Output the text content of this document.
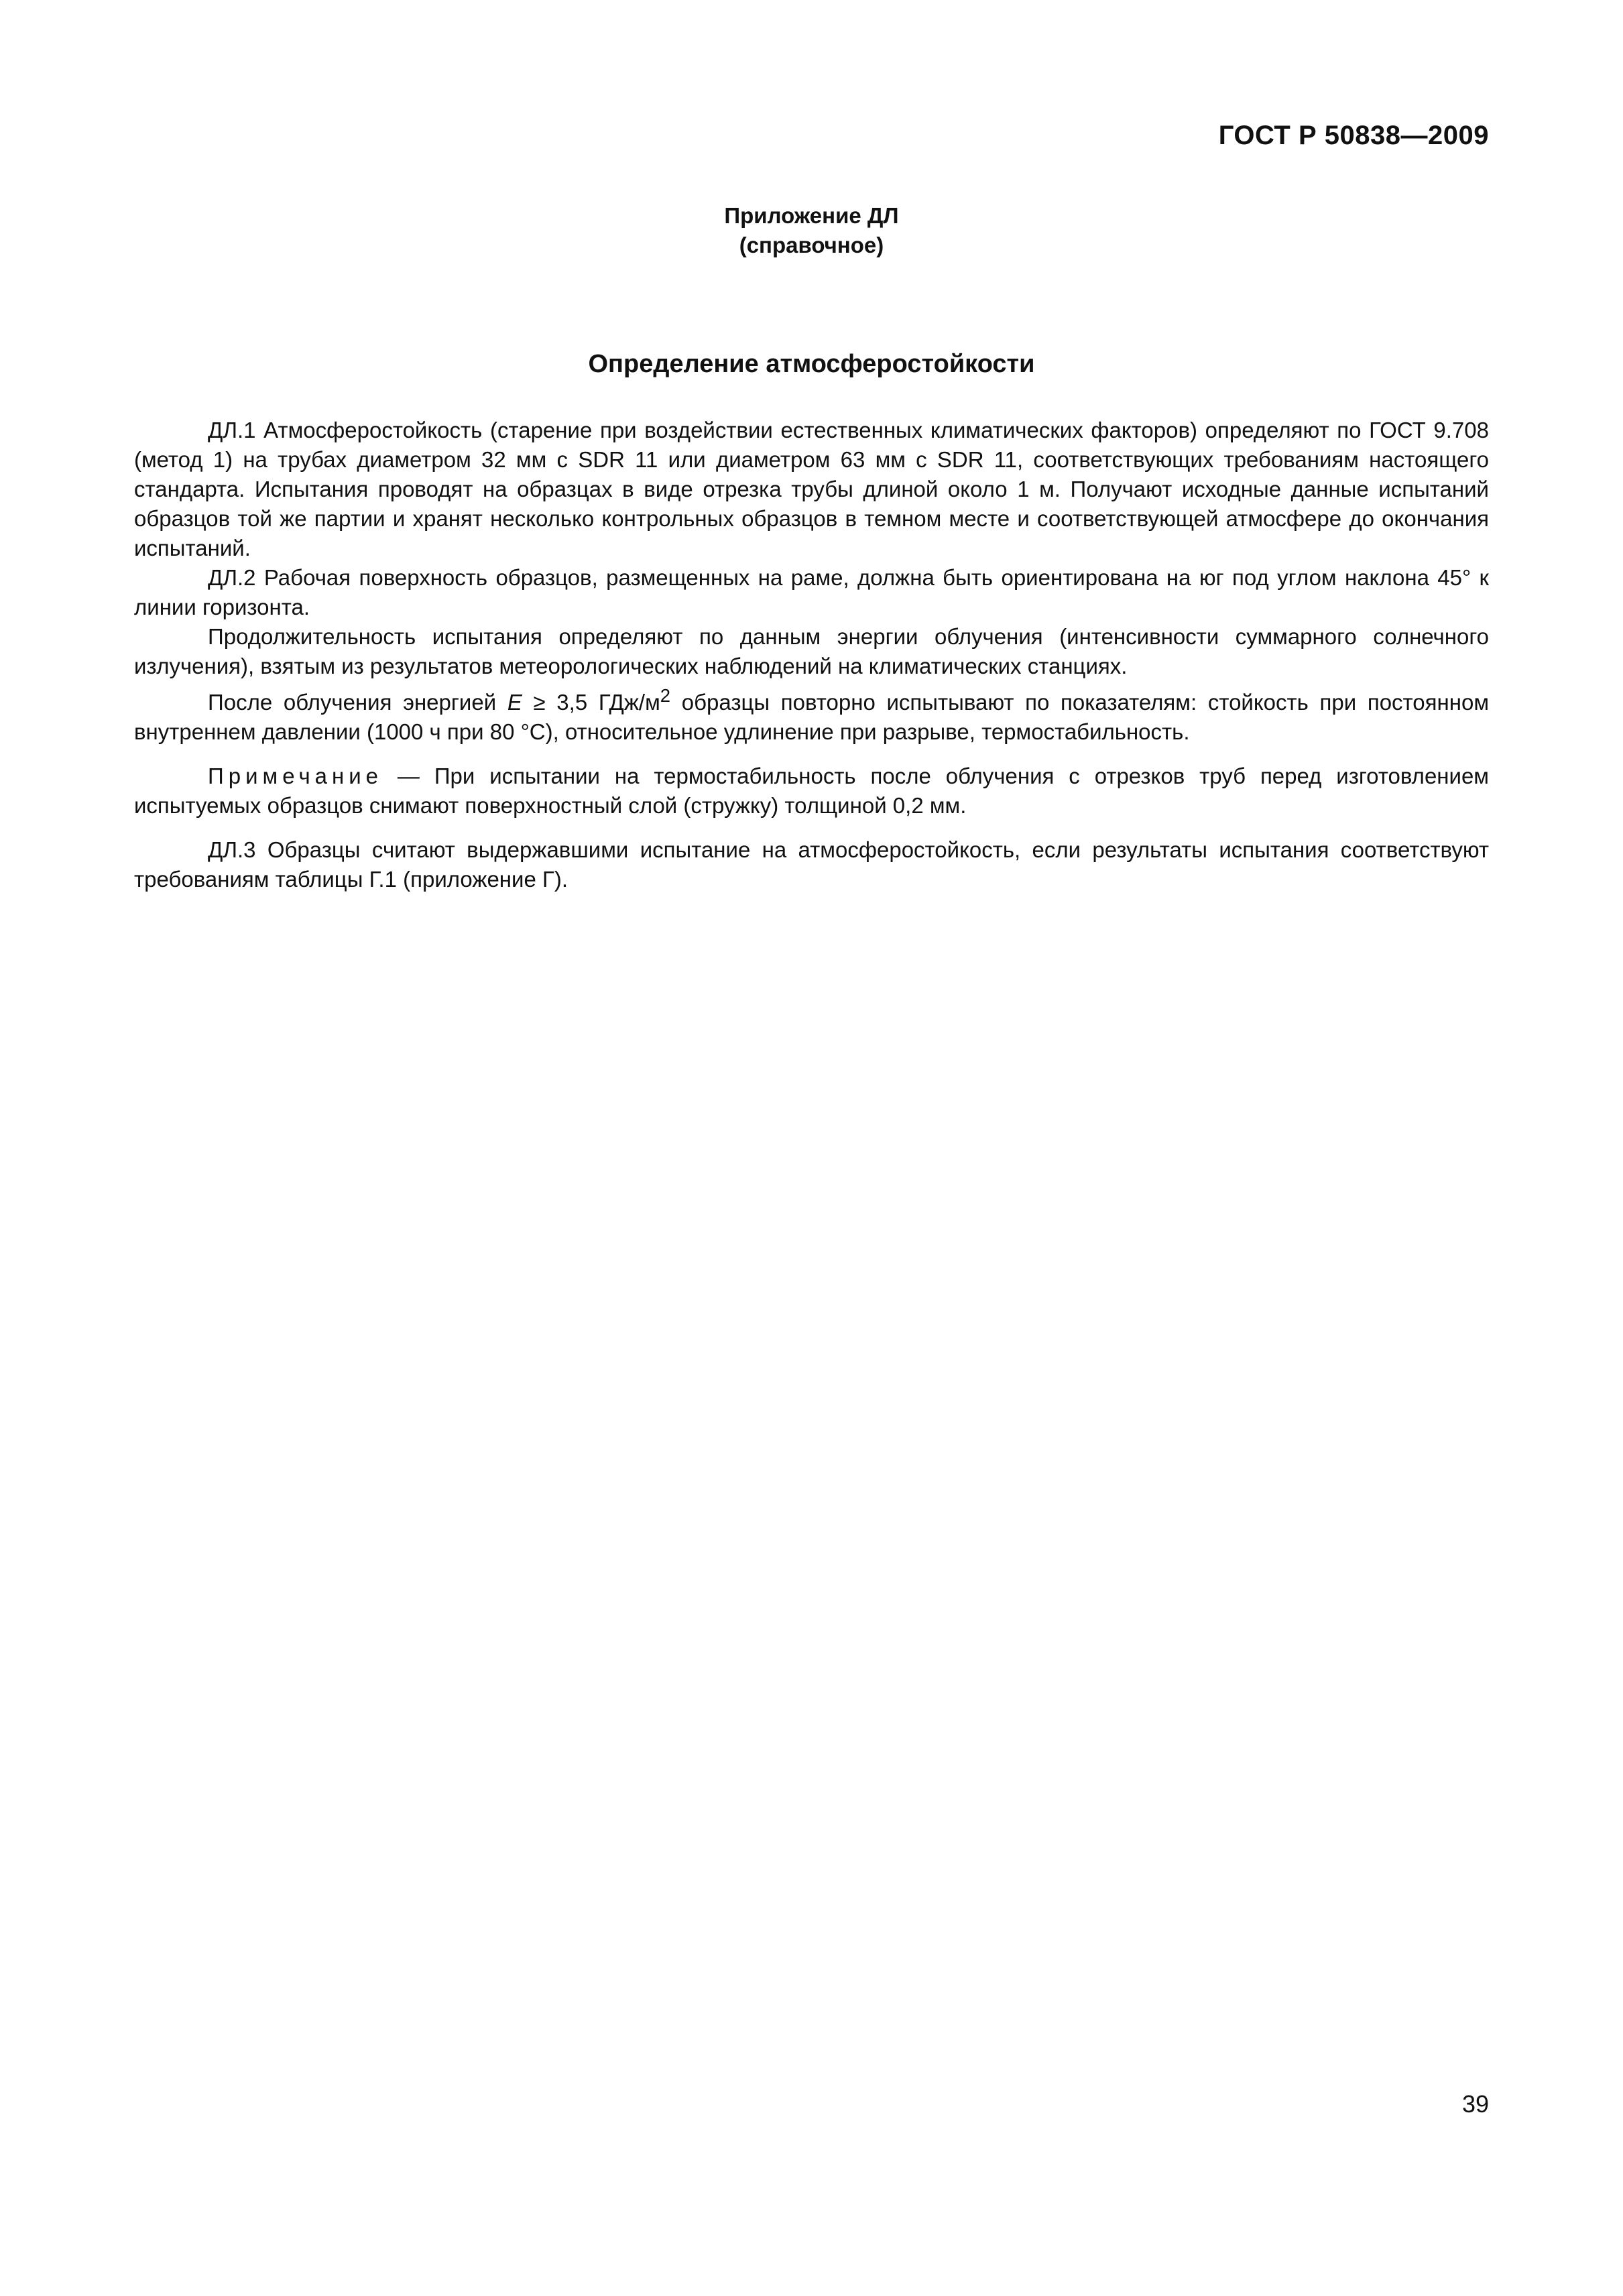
ГОСТ Р 50838—2009
Приложение ДЛ
(справочное)
Определение атмосферостойкости

ДЛ.1 Атмосферостойкость (старение при воздействии естественных климатических факторов) определяют по ГОСТ 9.708 (метод 1) на трубах диаметром 32 мм с SDR 11 или диаметром 63 мм с SDR 11, соответствующих требованиям настоящего стандарта. Испытания проводят на образцах в виде отрезка трубы длиной около 1 м. Получают исходные данные испытаний образцов той же партии и хранят несколько контрольных образцов в темном месте и соответствующей атмосфере до окончания испытаний.

ДЛ.2 Рабочая поверхность образцов, размещенных на раме, должна быть ориентирована на юг под углом наклона 45° к линии горизонта.

Продолжительность испытания определяют по данным энергии облучения (интенсивности суммарного солнечного излучения), взятым из результатов метеорологических наблюдений на климатических станциях.

После облучения энергией E ≥ 3,5 ГДж/$м^2$ образцы повторно испытывают по показателям: стойкость при постоянном внутреннем давлении (1000 ч при 80 °С), относительное удлинение при разрыве, термостабильность.

Примечание — При испытании на термостабильность после облучения с отрезков труб перед изготовлением испытуемых образцов снимают поверхностный слой (стружку) толщиной 0,2 мм.

ДЛ.3 Образцы считают выдержавшими испытание на атмосферостойкость, если результаты испытания соответствуют требованиям таблицы Г.1 (приложение Г).

39
